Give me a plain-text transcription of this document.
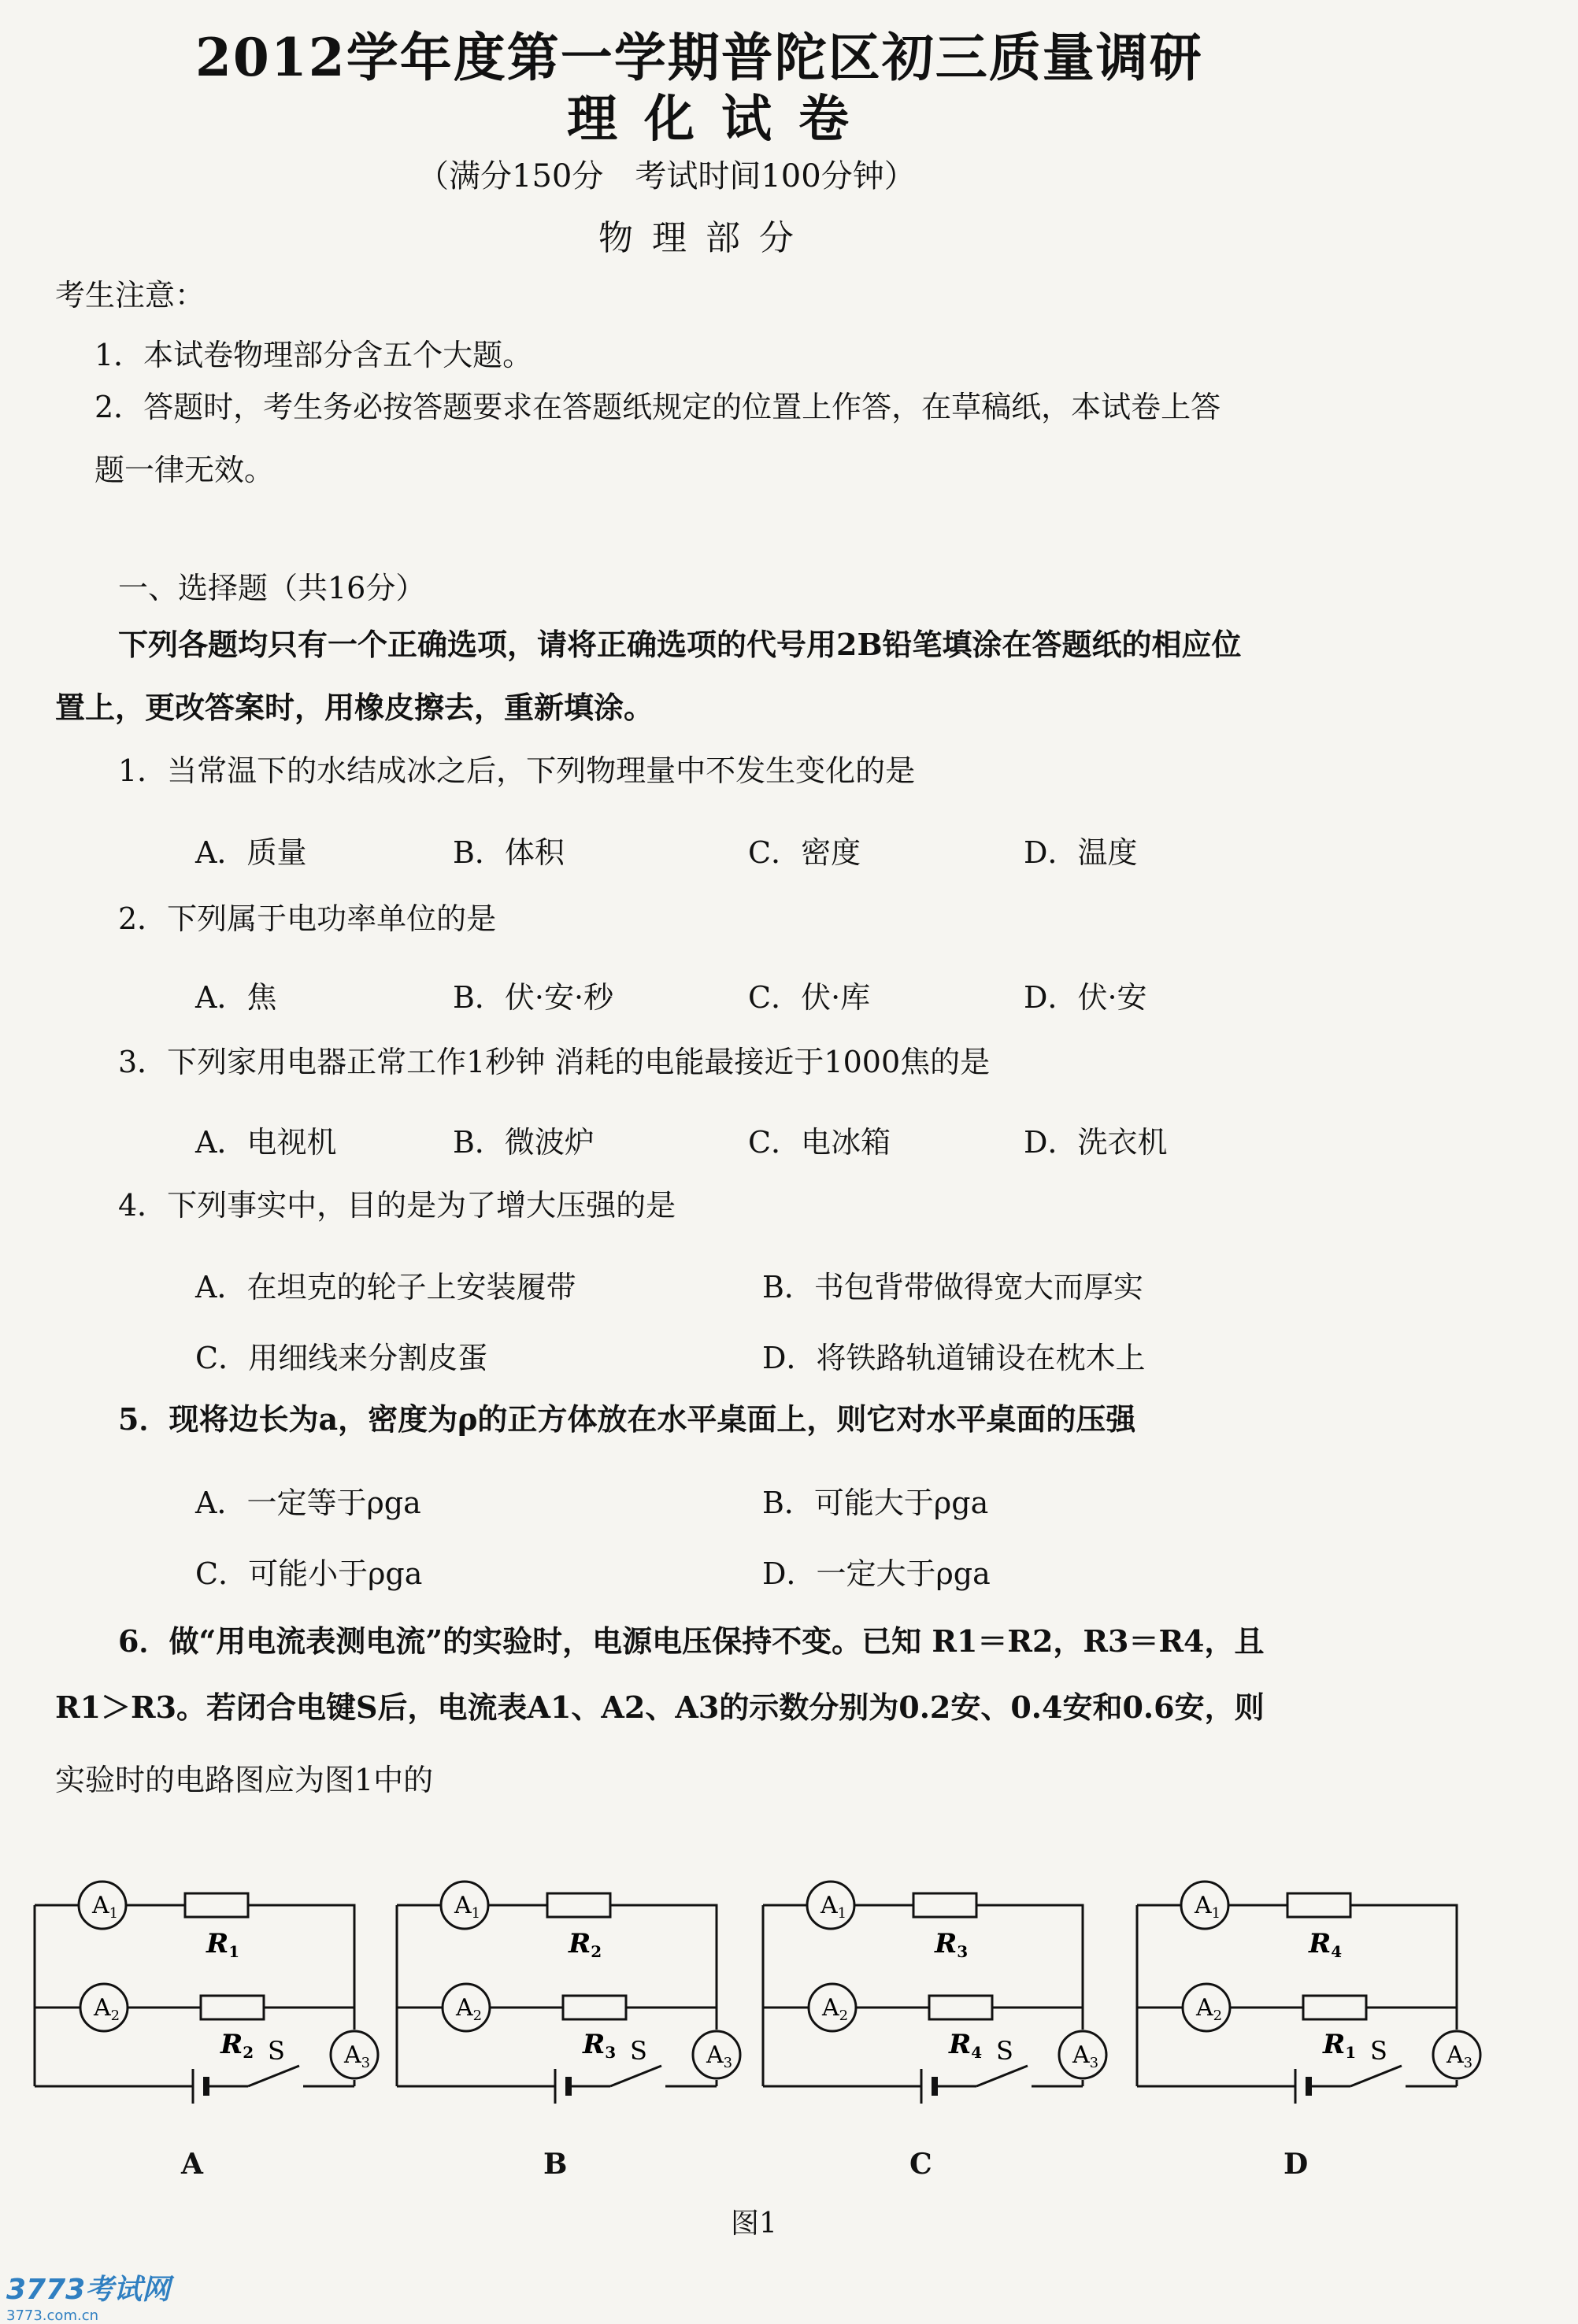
2012学年度第一学期普陀区初三质量调研
理化试卷
（满分150分　考试时间100分钟）
物理部分
考生注意：
1．本试卷物理部分含五个大题。
2．答题时，考生务必按答题要求在答题纸规定的位置上作答，在草稿纸，本试卷上答
题一律无效。
一、选择题（共16分）
下列各题均只有一个正确选项，请将正确选项的代号用2B铅笔填涂在答题纸的相应位
置上，更改答案时，用橡皮擦去，重新填涂。
1．当常温下的水结成冰之后，下列物理量中不发生变化的是
A．质量	B．体积	C．密度	D．温度
2．下列属于电功率单位的是
A．焦	B．伏·安·秒	C．伏·库	D．伏·安
3．下列家用电器正常工作1秒钟 消耗的电能最接近于1000焦的是
A．电视机	B．微波炉	C．电冰箱	D．洗衣机
4．下列事实中，目的是为了增大压强的是
A．在坦克的轮子上安装履带	B．书包背带做得宽大而厚实
C．用细线来分割皮蛋	D．将铁路轨道铺设在枕木上
5．现将边长为a，密度为ρ的正方体放在水平桌面上，则它对水平桌面的压强
A．一定等于ρga	B．可能大于ρga
C．可能小于ρga	D．一定大于ρga
6．做“用电流表测电流”的实验时，电源电压保持不变。已知 R1＝R2，R3＝R4，且
R1＞R3。若闭合电键S后，电流表A1、A2、A3的示数分别为0.2安、0.4安和0.6安，则
实验时的电路图应为图1中的
$A_1$
$A_2$
$A_3$
R1
R2 S
$A_1$
$A_2$
$A_3$
R2
R3 S
$A_1$
$A_2$
$A_3$
R3
R4 S
$A_1$
$A_2$
$A_3$
R4
R1 S
A	B	C	D
图1
3773考试网
3773.com.cn
